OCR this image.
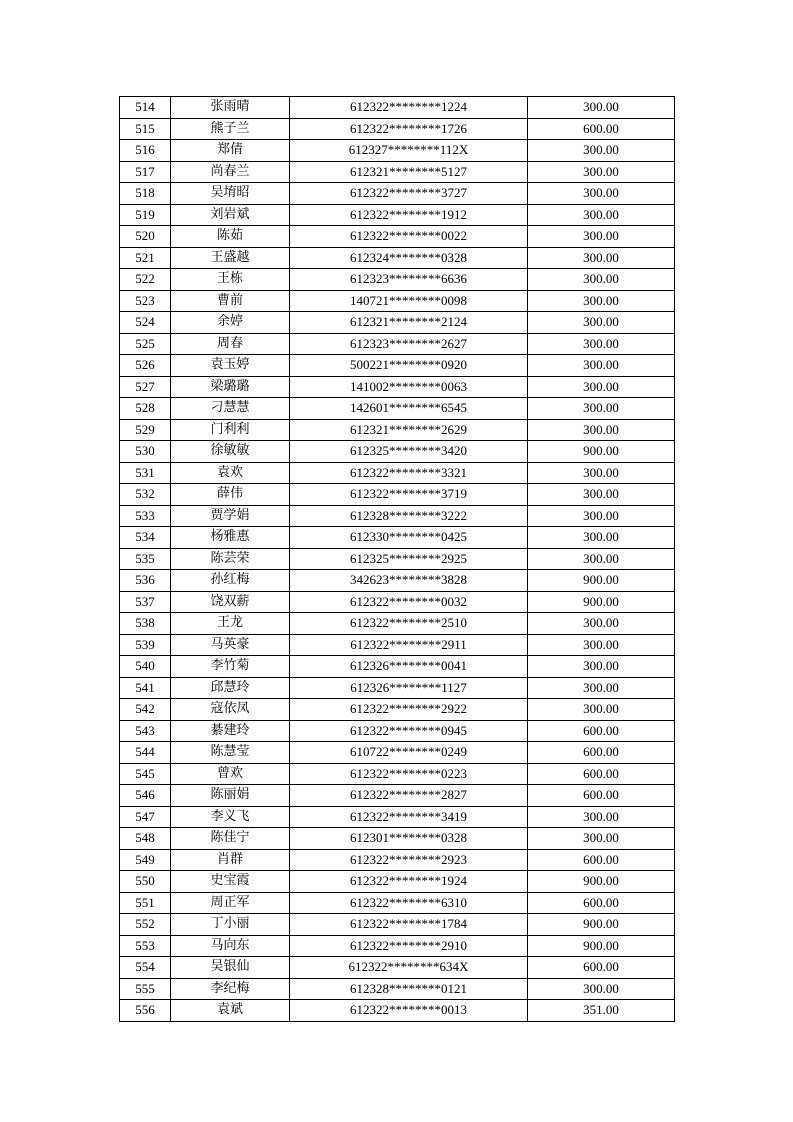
514	张雨晴	612322********1224	300.00
515	熊子兰	612322********1726	600.00
516	郑倩	612327********112X	300.00
517	尚春兰	612321********5127	300.00
518	吴堉昭	612322********3727	300.00
519	刘岩斌	612322********1912	300.00
520	陈茹	612322********0022	300.00
521	王盛越	612324********0328	300.00
522	王栋	612323********6636	300.00
523	曹前	140721********0098	300.00
524	余婷	612321********2124	300.00
525	周春	612323********2627	300.00
526	袁玉婷	500221********0920	300.00
527	梁璐璐	141002********0063	300.00
528	刁慧慧	142601********6545	300.00
529	门利利	612321********2629	300.00
530	徐敏敏	612325********3420	900.00
531	袁欢	612322********3321	300.00
532	薛伟	612322********3719	300.00
533	贾学娟	612328********3222	300.00
534	杨雅惠	612330********0425	300.00
535	陈芸荣	612325********2925	300.00
536	孙红梅	342623********3828	900.00
537	饶双薪	612322********0032	900.00
538	王龙	612322********2510	300.00
539	马英豪	612322********2911	300.00
540	李竹菊	612326********0041	300.00
541	邱慧玲	612326********1127	300.00
542	寇依凤	612322********2922	300.00
543	綦建玲	612322********0945	600.00
544	陈慧莹	610722********0249	600.00
545	曾欢	612322********0223	600.00
546	陈丽娟	612322********2827	600.00
547	李义飞	612322********3419	300.00
548	陈佳宁	612301********0328	300.00
549	肖群	612322********2923	600.00
550	史宝霞	612322********1924	900.00
551	周正军	612322********6310	600.00
552	丁小丽	612322********1784	900.00
553	马向东	612322********2910	900.00
554	吴银仙	612322********634X	600.00
555	李纪梅	612328********0121	300.00
556	袁斌	612322********0013	351.00
